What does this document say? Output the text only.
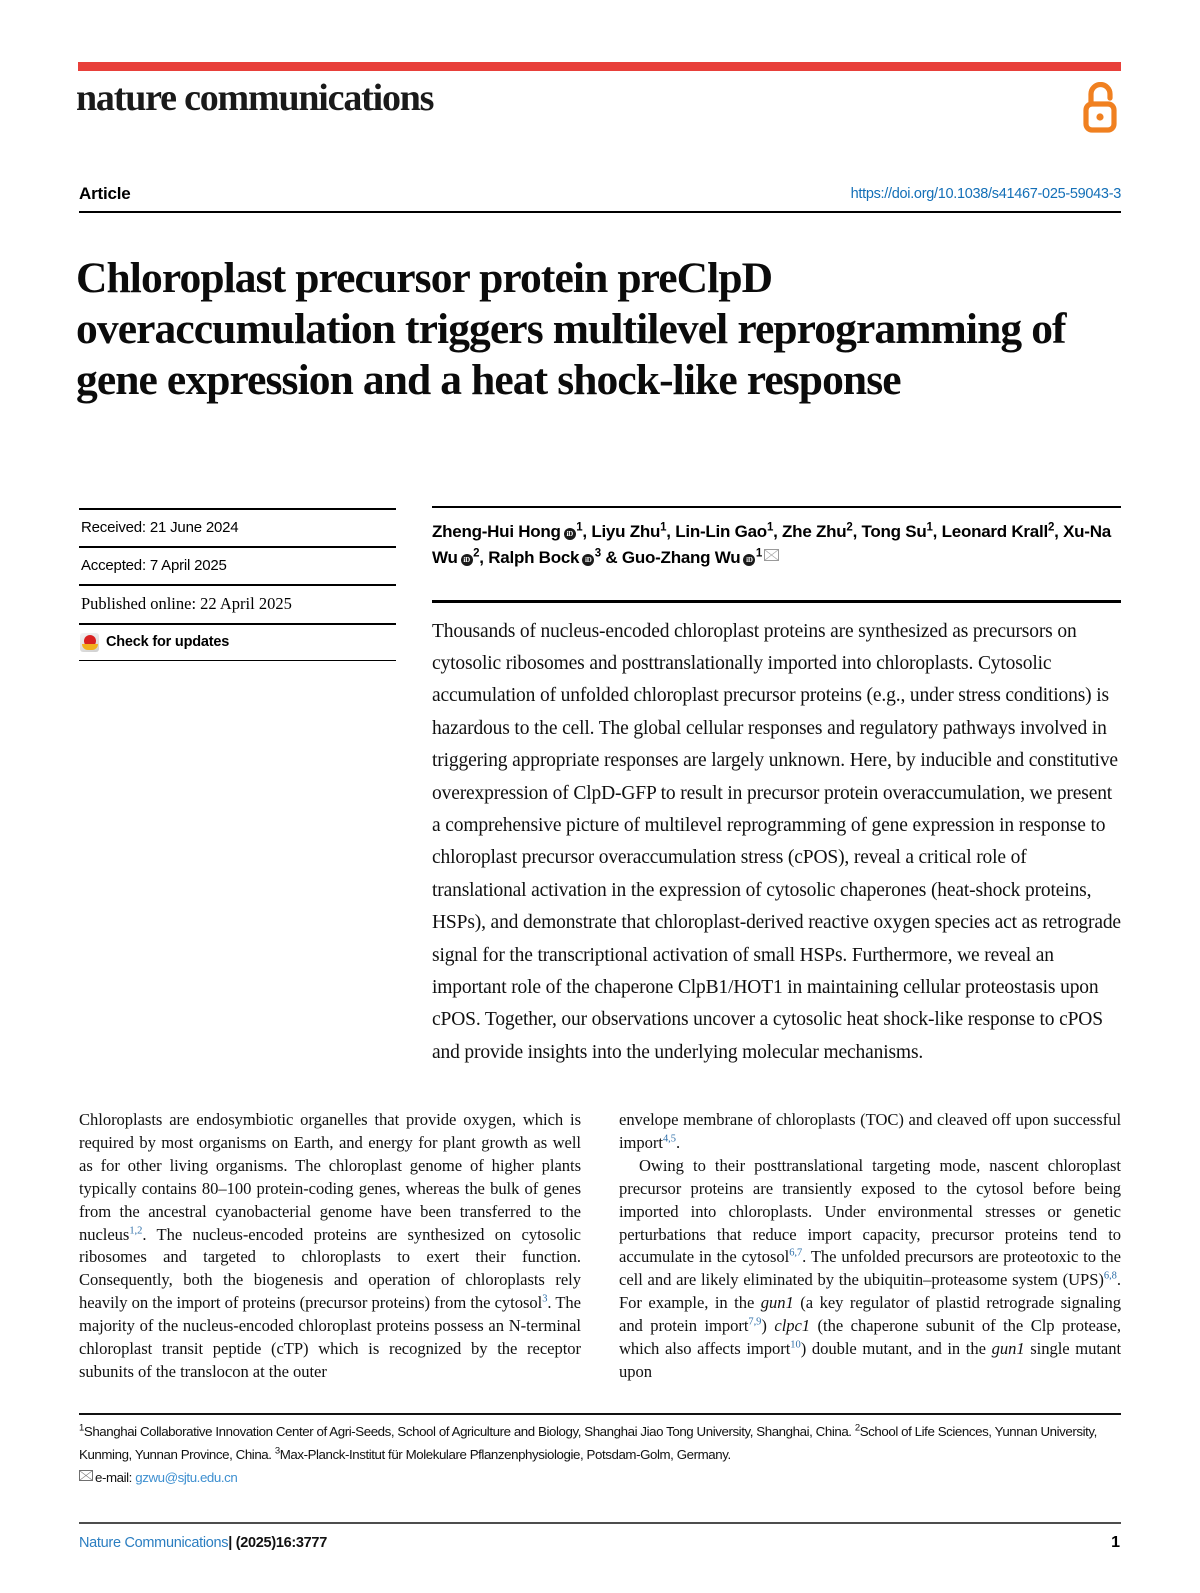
nature communications
Article	https://doi.org/10.1038/s41467-025-59043-3
Chloroplast precursor protein preClpD overaccumulation triggers multilevel reprogramming of gene expression and a heat shock-like response
Received: 21 June 2024
Accepted: 7 April 2025
Published online: 22 April 2025
Check for updates
Zheng-Hui Hong $iD^1$, Liyu Zhu$^1$, Lin-Lin Gao$^1$, Zhe Zhu$^2$, Tong Su$^1$, Leonard Krall$^2$, Xu-Na Wu $iD^2$, Ralph Bock $iD^3$ & Guo-Zhang Wu $iD^1$
Thousands of nucleus-encoded chloroplast proteins are synthesized as precursors on cytosolic ribosomes and posttranslationally imported into chloroplasts. Cytosolic accumulation of unfolded chloroplast precursor proteins (e.g., under stress conditions) is hazardous to the cell. The global cellular responses and regulatory pathways involved in triggering appropriate responses are largely unknown. Here, by inducible and constitutive overexpression of ClpD-GFP to result in precursor protein overaccumulation, we present a comprehensive picture of multilevel reprogramming of gene expression in response to chloroplast precursor overaccumulation stress (cPOS), reveal a critical role of translational activation in the expression of cytosolic chaperones (heat-shock proteins, HSPs), and demonstrate that chloroplast-derived reactive oxygen species act as retrograde signal for the transcriptional activation of small HSPs. Furthermore, we reveal an important role of the chaperone ClpB1/HOT1 in maintaining cellular proteostasis upon cPOS. Together, our observations uncover a cytosolic heat shock-like response to cPOS and provide insights into the underlying molecular mechanisms.

Chloroplasts are endosymbiotic organelles that provide oxygen, which is required by most organisms on Earth, and energy for plant growth as well as for other living organisms. The chloroplast genome of higher plants typically contains 80–100 protein-coding genes, whereas the bulk of genes from the ancestral cyanobacterial genome have been transferred to the nucleus$^{1,2}$. The nucleus-encoded proteins are synthesized on cytosolic ribosomes and targeted to chloroplasts to exert their function. Consequently, both the biogenesis and operation of chloroplasts rely heavily on the import of proteins (precursor proteins) from the cytosol$^3$. The majority of the nucleus-encoded chloroplast proteins possess an N-terminal chloroplast transit peptide (cTP) which is recognized by the receptor subunits of the translocon at the outer

envelope membrane of chloroplasts (TOC) and cleaved off upon successful import$^{4,5}$.

Owing to their posttranslational targeting mode, nascent chloroplast precursor proteins are transiently exposed to the cytosol before being imported into chloroplasts. Under environmental stresses or genetic perturbations that reduce import capacity, precursor proteins tend to accumulate in the cytosol$^{6,7}$. The unfolded precursors are proteotoxic to the cell and are likely eliminated by the ubiquitin–proteasome system (UPS)$^{6,8}$. For example, in the gun1 (a key regulator of plastid retrograde signaling and protein import$^{7,9}$) clpc1 (the chaperone subunit of the Clp protease, which also affects import$^{10}$) double mutant, and in the gun1 single mutant upon

$^1$Shanghai Collaborative Innovation Center of Agri-Seeds, School of Agriculture and Biology, Shanghai Jiao Tong University, Shanghai, China. $^2$School of Life Sciences, Yunnan University, Kunming, Yunnan Province, China. $^3$Max-Planck-Institut für Molekulare Pflanzenphysiologie, Potsdam-Golm, Germany.
e-mail: gzwu@sjtu.edu.cn
Nature Communications| (2025)16:3777	1
